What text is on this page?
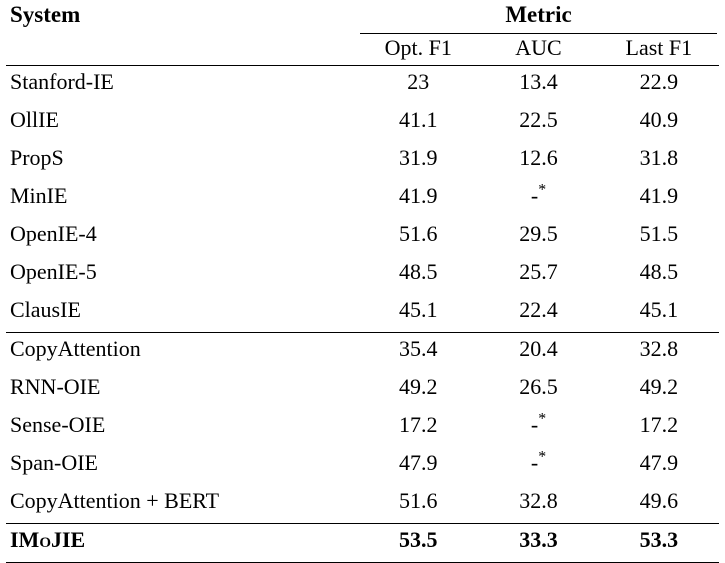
System	Metric		

	Opt. F1	AUC	Last F1

Stanford-IE	23	13.4	22.9
OllIE	41.1	22.5	40.9
PropS	31.9	12.6	31.8
MinIE	41.9	-*	41.9
OpenIE-4	51.6	29.5	51.5
OpenIE-5	48.5	25.7	48.5
ClausIE	45.1	22.4	45.1

CopyAttention	35.4	20.4	32.8
RNN-OIE	49.2	26.5	49.2
Sense-OIE	17.2	-*	17.2
Span-OIE	47.9	-*	47.9
CopyAttention + BERT	51.6	32.8	49.6

IMoJIE	53.5	33.3	53.3
